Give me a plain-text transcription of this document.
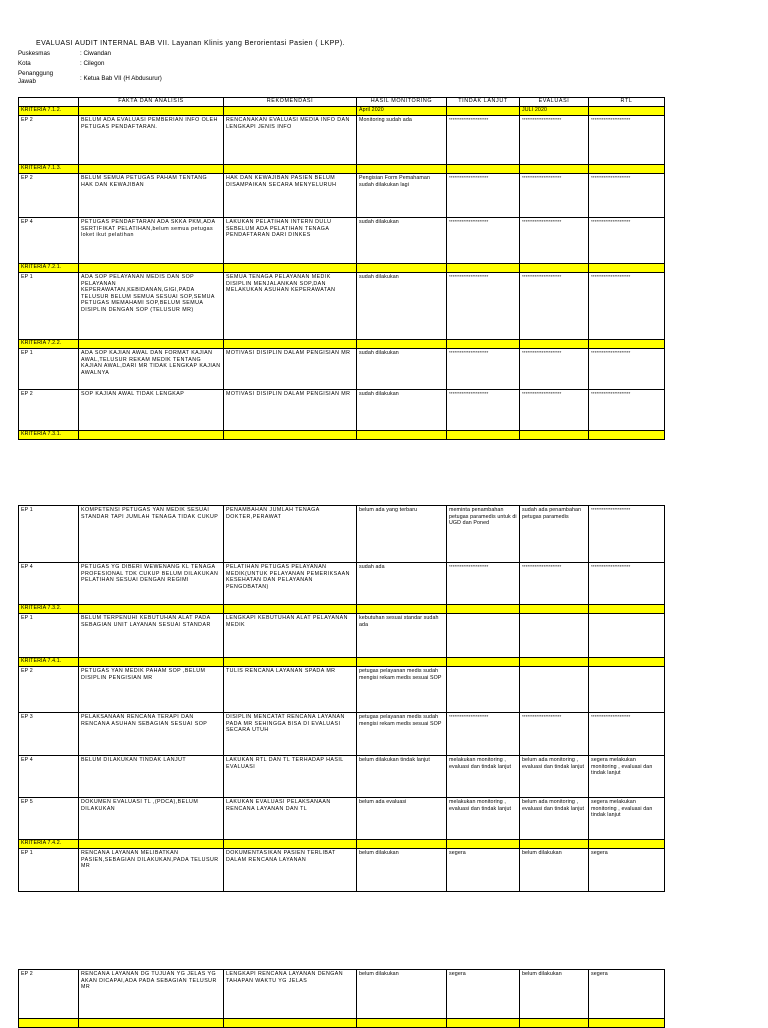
EVALUASI AUDIT INTERNAL BAB VII. Layanan Klinis yang Berorientasi Pasien ( LKPP).
Puskesmas	: Ciwandan
Kota	: Cilegon
Penanggung Jawab	: Ketua Bab VII (H Abdusurur)
	FAKTA DAN ANALISIS	REKOMENDASI	HASIL MONITORING	TINDAK LANJUT	EVALUASI	RTL
KRITERIA 7.1.2.			April 2020		JULI 2020	
EP 2	BELUM ADA EVALUASI PEMBERIAN INFO OLEH PETUGAS PENDAFTARAN.	RENCANAKAN EVALUASI MEDIA INFO DAN LENGKAPI JENIS INFO	Monitoring sudah ada	**********************	**********************	**********************
KRITERIA 7.1.3.						
EP 2	BELUM SEMUA PETUGAS PAHAM TENTANG HAK DAN KEWAJIBAN	HAK DAN KEWAJIBAN PASIEN BELUM DISAMPAIKAN SECARA MENYELURUH	Pengisian Form Pemahaman sudah dilakukan lagi	**********************	**********************	**********************
EP 4	PETUGAS PENDAFTARAN ADA SKKA PKM,ADA SERTIFIKAT PELATIHAN,belum semua petugas loket ikut pelatihan	LAKUKAN PELATIHAN INTERN DULU SEBELUM ADA PELATIHAN TENAGA PENDAFTARAN DARI DINKES	sudah dilakukan	**********************	**********************	**********************
KRITERIA 7.2.1.						
EP 1	ADA SOP PELAYANAN MEDIS DAN SOP PELAYANAN KEPERAWATAN,KEBIDANAN,GIGI,PADA TELUSUR BELUM SEMUA SESUAI SOP,SEMUA PETUGAS MEMAHAMI SOP,BELUM SEMUA DISIPLIN DENGAN SOP (TELUSUR MR)	SEMUA TENAGA PELAYANAN MEDIK DISIPLIN MENJALANKAN SOP,DAN MELAKUKAN ASUHAN KEPERAWATAN	sudah dilakukan	**********************	**********************	**********************
KRITERIA 7.2.2.						
EP 1	ADA SOP KAJIAN AWAL DAN FORMAT KAJIAN AWAL,TELUSUR REKAM MEDIK TENTANG KAJIAN AWAL,DARI MR TIDAK LENGKAP KAJIAN AWALNYA	MOTIVASI DISIPLIN DALAM PENGISIAN MR	sudah dilakukan	**********************	**********************	**********************
EP 2	SOP KAJIAN AWAL TIDAK LENGKAP	MOTIVASI DISIPLIN DALAM PENGISIAN MR	sudah dilakukan	**********************	**********************	**********************
KRITERIA 7.3.1.						
EP 1	KOMPETENSI PETUGAS YAN MEDIK SESUAI STANDAR TAPI JUMLAH TENAGA TIDAK CUKUP	PENAMBAHAN JUMLAH TENAGA DOKTER,PERAWAT	belum ada yang terbaru	meminta penambahan petugas paramedis untuk di UGD dan Poned	sudah ada penambahan petugas paramedis	**********************
EP 4	PETUGAS YG DIBERI WEWENANG KL TENAGA PROFESIONAL TDK CUKUP BELUM DILAKUKAN PELATIHAN SESUAI DENGAN REGIMI	PELATIHAN PETUGAS PELAYANAN MEDIK(UNTUK PELAYANAN PEMERIKSAAN KESEHATAN DAN PELAYANAN PENGOBATAN)	sudah ada	**********************	**********************	**********************
KRITERIA 7.3.2.						
EP 1	BELUM TERPENUHI KEBUTUHAN ALAT PADA SEBAGIAN UNIT LAYANAN SESUAI STANDAR	LENGKAPI KEBUTUHAN ALAT PELAYANAN MEDIK	kebutuhan sesuai standar sudah ada			
KRITERIA 7.4.1.						
EP 2	PETUGAS YAN MEDIK PAHAM SOP ,BELUM DISIPLIN PENGISIAN MR	TULIS RENCANA LAYANAN SPADA MR	petugas pelayanan medis sudah mengisi rekam medis sesuai SOP			
EP 3	PELAKSANAAN RENCANA TERAPI DAN RENCANA ASUHAN SEBAGIAN SESUAI SOP	DISIPLIN MENCATAT RENCANA LAYANAN PADA MR SEHINGGA BISA DI EVALUASI SECARA UTUH	petugas pelayanan medis sudah mengisi rekam medis sesuai SOP	**********************	**********************	**********************
EP 4	BELUM DILAKUKAN TINDAK LANJUT	LAKUKAN RTL DAN TL TERHADAP HASIL EVALUASI	belum dilakukan tindak lanjut	melakukan monitoring , evaluasi dan tindak lanjut	belum ada monitoring , evaluasi dan tindak lanjut	segera melakukan monitoring , evaluasi dan tindak lanjut
EP 5	DOKUMEN EVALUASI TL ,(PDCA),BELUM DILAKUKAN	LAKUKAN EVALUASI PELAKSANAAN RENCANA LAYANAN DAN TL	belum ada evaluasi	melakukan monitoring , evaluasi dan tindak lanjut	belum ada monitoring , evaluasi dan tindak lanjut	segera melakukan monitoring , evaluasi dan tindak lanjut
KRITERIA 7.4.2.						
EP 1	RENCANA LAYANAN MELIBATKAN PASIEN,SEBAGIAN DILAKUKAN,PADA TELUSUR MR	DOKUMENTASIKAN PASIEN TERLIBAT DALAM RENCANA LAYANAN	belum dilakukan	segera	belum dilakukan	segera
EP 2	RENCANA LAYANAN DG TUJUAN YG JELAS YG AKAN DICAPAI,ADA PADA SEBAGIAN TELUSUR MR	LENGKAPI RENCANA LAYANAN DENGAN TAHAPAN WAKTU YG JELAS	belum dilakukan	segera	belum dilakukan	segera
